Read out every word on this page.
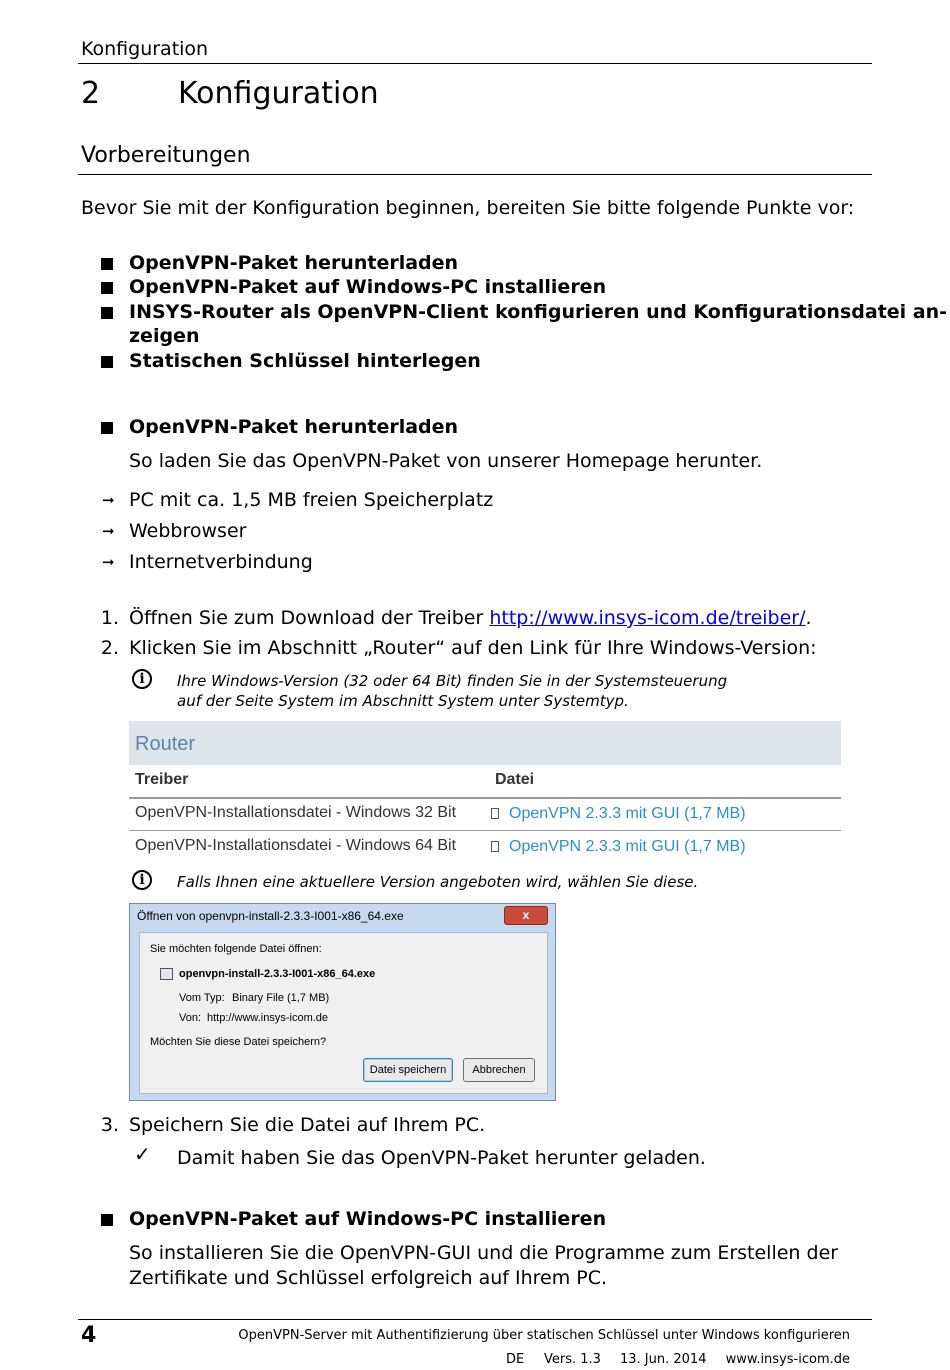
Konfiguration
2	Konfiguration
Vorbereitungen
Bevor Sie mit der Konfiguration beginnen, bereiten Sie bitte folgende Punkte vor:
OpenVPN-Paket herunterladen
OpenVPN-Paket auf Windows-PC installieren
INSYS-Router als OpenVPN-Client konfigurieren und Konfigurationsdatei an-
zeigen
Statischen Schlüssel hinterlegen
OpenVPN-Paket herunterladen
So laden Sie das OpenVPN-Paket von unserer Homepage herunter.
➞ PC mit ca. 1,5 MB freien Speicherplatz
➞ Webbrowser
➞ Internetverbindung
1. Öffnen Sie zum Download der Treiber http://www.insys-icom.de/treiber/.
2. Klicken Sie im Abschnitt „Router“ auf den Link für Ihre Windows-Version:
i	Ihre Windows-Version (32 oder 64 Bit) finden Sie in der Systemsteuerung
auf der Seite System im Abschnitt System unter Systemtyp.
Router
Treiber	Datei
OpenVPN-Installationsdatei - Windows 32 Bit	OpenVPN 2.3.3 mit GUI (1,7 MB)
OpenVPN-Installationsdatei - Windows 64 Bit	OpenVPN 2.3.3 mit GUI (1,7 MB)
i	Falls Ihnen eine aktuellere Version angeboten wird, wählen Sie diese.
Öffnen von openvpn-install-2.3.3-I001-x86_64.exe	x
Sie möchten folgende Datei öffnen:
openvpn-install-2.3.3-I001-x86_64.exe
Vom Typ: Binary File (1,7 MB)
Von: http://www.insys-icom.de
Möchten Sie diese Datei speichern?
Datei speichern	Abbrechen
3. Speichern Sie die Datei auf Ihrem PC.
✓ Damit haben Sie das OpenVPN-Paket herunter geladen.
OpenVPN-Paket auf Windows-PC installieren
So installieren Sie die OpenVPN-GUI und die Programme zum Erstellen der
Zertifikate und Schlüssel erfolgreich auf Ihrem PC.
4	OpenVPN-Server mit Authentifizierung über statischen Schlüssel unter Windows konfigurieren
DE Vers. 1.3 13. Jun. 2014 www.insys-icom.de
